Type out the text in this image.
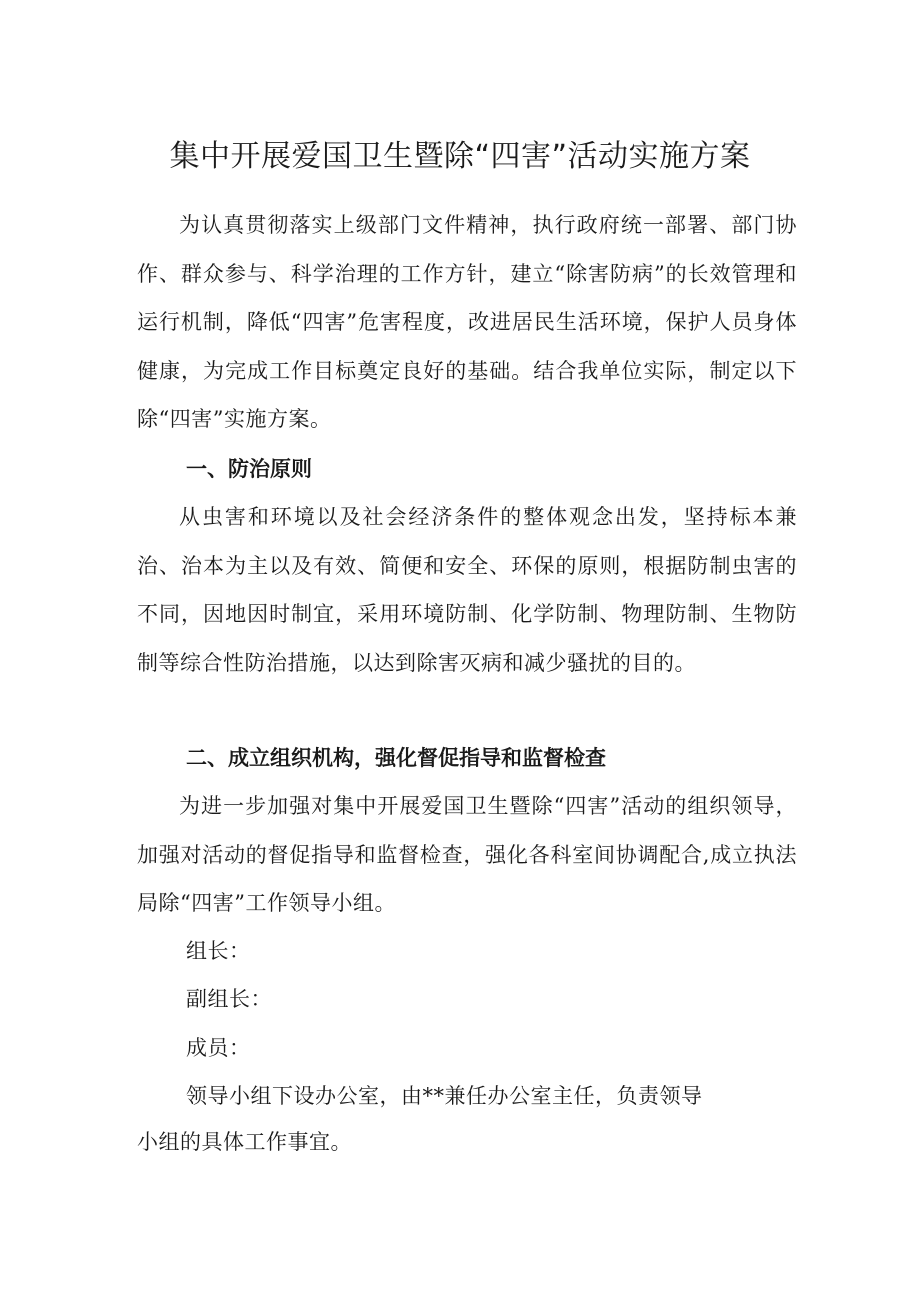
集中开展爱国卫生暨除“四害”活动实施方案

为认真贯彻落实上级部门文件精神，执行政府统一部署、部门协作、群众参与、科学治理的工作方针，建立“除害防病”的长效管理和运行机制，降低“四害”危害程度，改进居民生活环境，保护人员身体健康，为完成工作目标奠定良好的基础。结合我单位实际，制定以下除“四害”实施方案。

一、防治原则

从虫害和环境以及社会经济条件的整体观念出发，坚持标本兼治、治本为主以及有效、简便和安全、环保的原则，根据防制虫害的不同，因地因时制宜，采用环境防制、化学防制、物理防制、生物防制等综合性防治措施，以达到除害灭病和减少骚扰的目的。

二、成立组织机构，强化督促指导和监督检查

为进一步加强对集中开展爱国卫生暨除“四害”活动的组织领导，加强对活动的督促指导和监督检查，强化各科室间协调配合,成立执法局除“四害”工作领导小组。

组长：

副组长：

成员：

领导小组下设办公室，由**兼任办公室主任，负责领导

小组的具体工作事宜。
